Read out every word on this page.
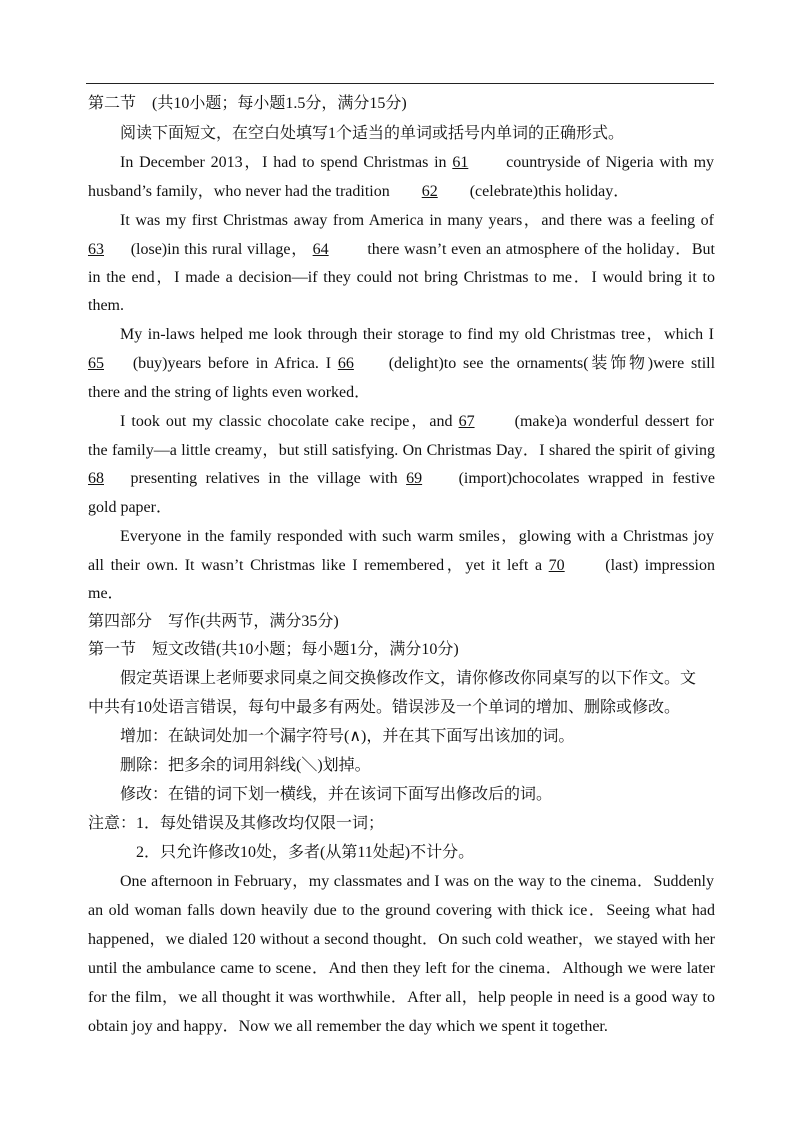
第二节　(共10小题；每小题1.5分，满分15分)
阅读下面短文，在空白处填写1个适当的单词或括号内单词的正确形式。
In December 2013，I had to spend Christmas in 61 countryside of Nigeria with my
husband’s family，who never had the tradition 62 (celebrate)this holiday．
It was my first Christmas away from America in many years，and there was a feeling of
63 (lose)in this rural village， 64 there wasn’t even an atmosphere of the holiday．But
in the end，I made a decision—if they could not bring Christmas to me．I would bring it to
them.
My in-laws helped me look through their storage to find my old Christmas tree，which I
65 (buy)years before in Africa. I 66 (delight)to see the ornaments(装饰物)were still
there and the string of lights even worked．
I took out my classic chocolate cake recipe，and 67	(make)a wonderful dessert for
the family—a little creamy，but still satisfying. On Christmas Day．I shared the spirit of giving
68 presenting relatives in the village with 69 (import)chocolates wrapped in festive
gold paper．
Everyone in the family responded with such warm smiles，glowing with a Christmas joy
all their own. It wasn’t Christmas like I remembered，yet it left a 70	(last) impression
me．
第四部分　写作(共两节，满分35分)
第一节　短文改错(共10小题；每小题1分，满分10分)
假定英语课上老师要求同桌之间交换修改作文，请你修改你同桌写的以下作文。文
中共有10处语言错误，每句中最多有两处。错误涉及一个单词的增加、删除或修改。
增加：在缺词处加一个漏字符号(∧)，并在其下面写出该加的词。
删除：把多余的词用斜线(＼)划掉。
修改：在错的词下划一横线，并在该词下面写出修改后的词。
注意：1．每处错误及其修改均仅限一词；
2．只允许修改10处，多者(从第11处起)不计分。
One afternoon in February，my classmates and I was on the way to the cinema．Suddenly
an old woman falls down heavily due to the ground covering with thick ice．Seeing what had
happened，we dialed 120 without a second thought．On such cold weather，we stayed with her
until the ambulance came to scene．And then they left for the cinema．Although we were later
for the film，we all thought it was worthwhile．After all，help people in need is a good way to
obtain joy and happy．Now we all remember the day which we spent it together.
